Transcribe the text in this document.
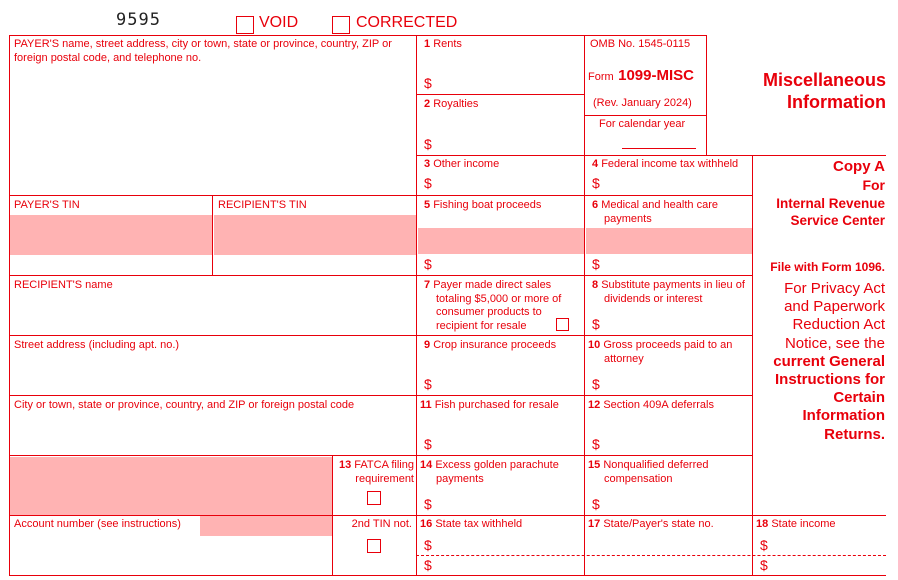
9595	VOID	CORRECTED
PAYER'S name, street address, city or town, state or province, country, ZIP or foreign postal code, and telephone no.
PAYER'S TIN	RECIPIENT'S TIN
RECIPIENT'S name
Street address (including apt. no.)
City or town, state or province, country, and ZIP or foreign postal code
Account number (see instructions)
13 FATCA filing requirement
2nd TIN not.
OMB No. 1545-0115
Form 1099-MISC
(Rev. January 2024)
For calendar year
Miscellaneous
Information
Copy A
For
Internal Revenue Service Center
File with Form 1096.
For Privacy Act and Paperwork Reduction Act Notice, see the current General Instructions for Certain Information Returns.
1 Rents
$
2 Royalties
$
3 Other income
$
4 Federal income tax withheld
$
5 Fishing boat proceeds
$
6 Medical and health care payments
$
7 Payer made direct sales totaling $5,000 or more of consumer products to recipient for resale
8 Substitute payments in lieu of dividends or interest
$
9 Crop insurance proceeds
$
10 Gross proceeds paid to an attorney
$
11 Fish purchased for resale
$
12 Section 409A deferrals
$
14 Excess golden parachute payments
$
15 Nonqualified deferred compensation
$
16 State tax withheld
$
$
17 State/Payer's state no.	18 State income
$
$
